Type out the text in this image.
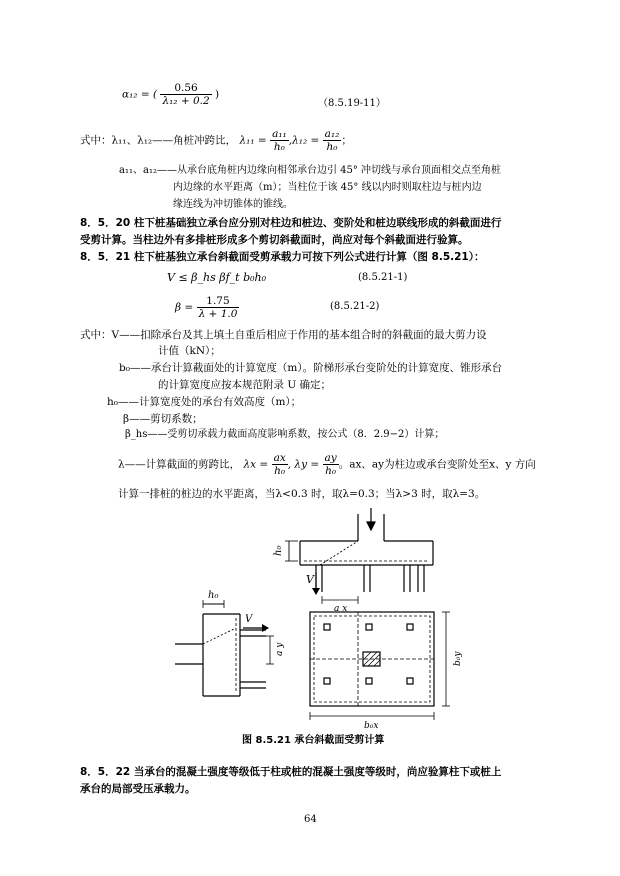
α₁₂ = ( $\frac{0.56}{\text{λ₁₂ + 0.2}}$ )
（8.5.19-11）
式中：λ₁₁、λ₁₂——角桩冲跨比， $\lambda_{11} = \frac{\text{a₁₁}}{\text{h₀}} ,\lambda_{12} = \frac{\text{a₁₂}}{\text{h₀}}$ ；
a₁₁、a₁₂——从承台底角桩内边缘向相邻承台边引 45° 冲切线与承台顶面相交点至角桩
内边缘的水平距离（m）；当柱位于该 45° 线以内时则取柱边与桩内边
缘连线为冲切锥体的锥线。
8．5．20 柱下桩基础独立承台应分别对柱边和桩边、变阶处和桩边联线形成的斜截面进行
受剪计算。当柱边外有多排桩形成多个剪切斜截面时，尚应对每个斜截面进行验算。
8．5．21 柱下桩基独立承台斜截面受剪承载力可按下列公式进行计算（图 8.5.21）：
V ≤ β_hs βf_t b₀h₀	(8.5.21-1)
$\beta = \frac{1.75}{\lambda + 1.0}$	(8.5.21-2)
式中：V——扣除承台及其上填土自重后相应于作用的基本组合时的斜截面的最大剪力设
计值（kN）；
b₀——承台计算截面处的计算宽度（m）。阶梯形承台变阶处的计算宽度、锥形承台
的计算宽度应按本规范附录 U 确定；
h₀——计算宽度处的承台有效高度（m）；
β——剪切系数；
β_hs——受剪切承载力截面高度影响系数，按公式（8．2.9−2）计算；
λ——计算截面的剪跨比， $\lambda x = \frac{ax}{\text{h₀}}$ , $\lambda y = \frac{ay}{\text{h₀}}$ 。ax、ay为柱边或承台变阶处至x、y 方向
计算一排桩的桩边的水平距离，当λ<0.3 时，取λ=0.3；当λ>3 时，取λ=3。
h₀
V
a x
h₀
V
a y
b₀y
b₀x
图 8.5.21 承台斜截面受剪计算
8．5．22 当承台的混凝土强度等级低于柱或桩的混凝土强度等级时，尚应验算柱下或桩上
承台的局部受压承载力。
64
